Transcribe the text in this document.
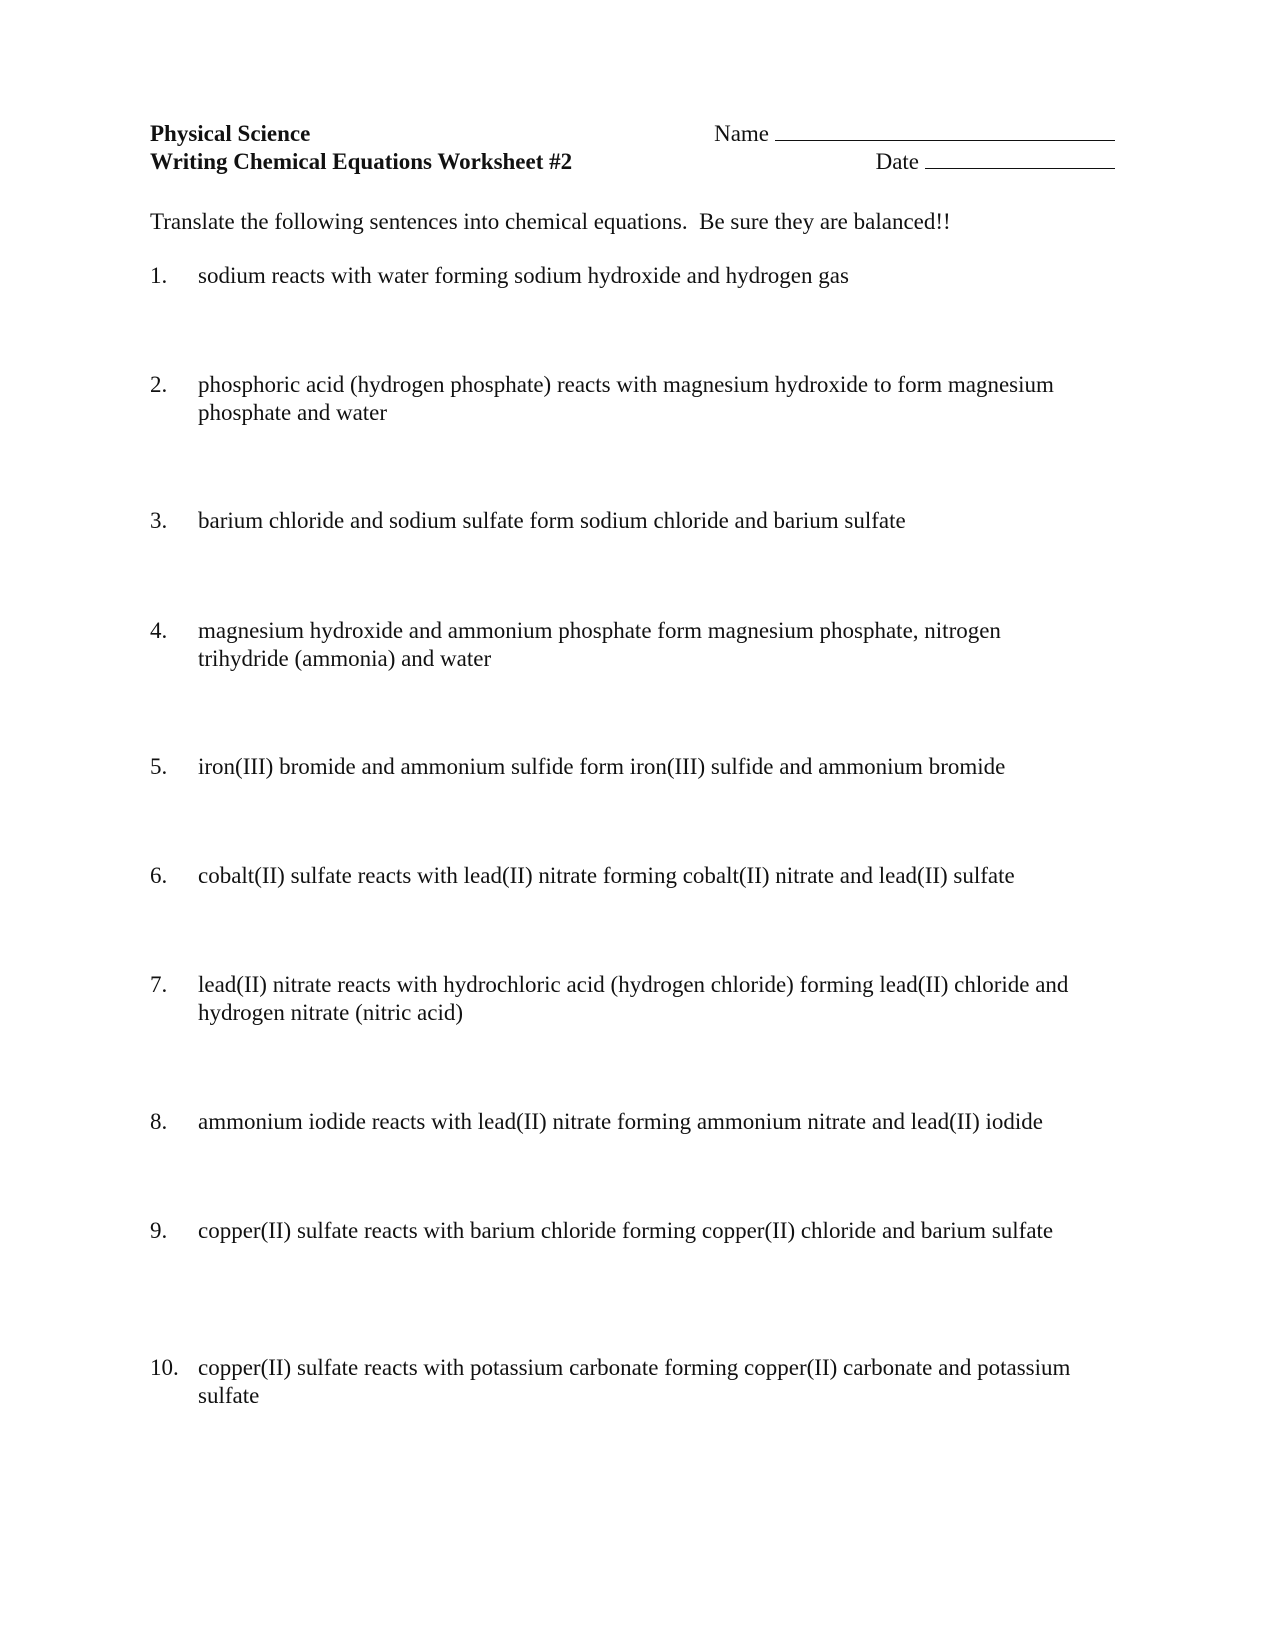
Physical Science
Writing Chemical Equations Worksheet #2
Name
Date
Translate the following sentences into chemical equations.  Be sure they are balanced!!
1.	sodium reacts with water forming sodium hydroxide and hydrogen gas
2.	phosphoric acid (hydrogen phosphate) reacts with magnesium hydroxide to form magnesium phosphate and water
3.	barium chloride and sodium sulfate form sodium chloride and barium sulfate
4.	magnesium hydroxide and ammonium phosphate form magnesium phosphate, nitrogen trihydride (ammonia) and water
5.	iron(III) bromide and ammonium sulfide form iron(III) sulfide and ammonium bromide
6.	cobalt(II) sulfate reacts with lead(II) nitrate forming cobalt(II) nitrate and lead(II) sulfate
7.	lead(II) nitrate reacts with hydrochloric acid (hydrogen chloride) forming lead(II) chloride and hydrogen nitrate (nitric acid)
8.	ammonium iodide reacts with lead(II) nitrate forming ammonium nitrate and lead(II) iodide
9.	copper(II) sulfate reacts with barium chloride forming copper(II) chloride and barium sulfate
10. copper(II) sulfate reacts with potassium carbonate forming copper(II) carbonate and potassium sulfate
